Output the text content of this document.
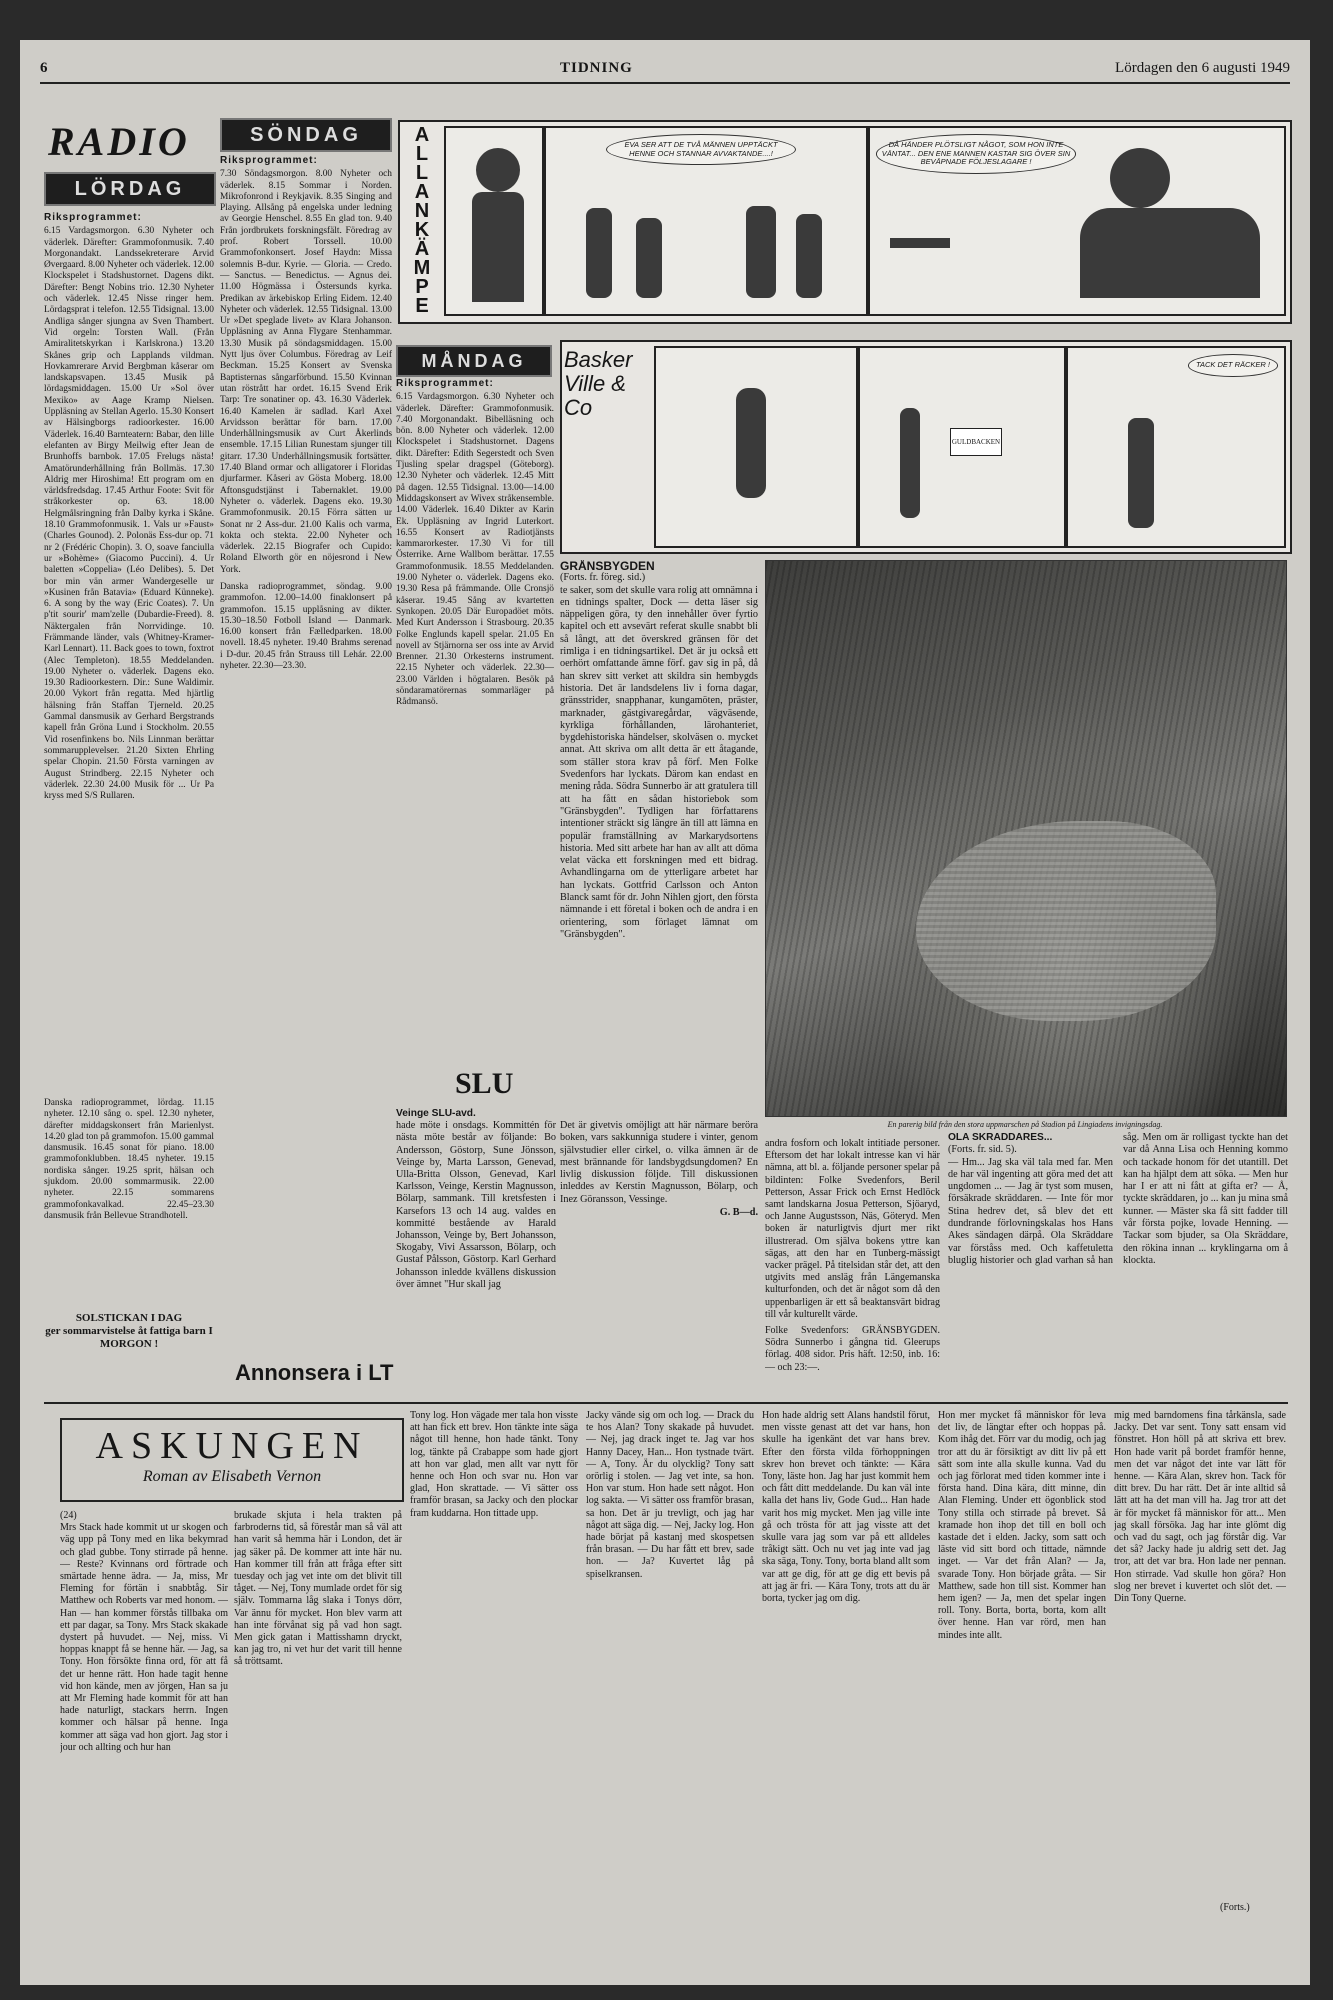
6	TIDNING	Lördagen den 6 augusti 1949
RADIO
LÖRDAG
SÖNDAG
MÅNDAG
Riksprogrammet:

6.15 Vardagsmorgon. 6.30 Nyheter och väderlek. Därefter: Grammofonmusik. 7.40 Morgonandakt. Landssekreterare Arvid Øvergaard. 8.00 Nyheter och väderlek. 12.00 Klockspelet i Stadshustornet. Dagens dikt. Därefter: Bengt Nobins trio. 12.30 Nyheter och väderlek. 12.45 Nisse ringer hem. Lördagsprat i telefon. 12.55 Tidsignal. 13.00 Andliga sånger sjungna av Sven Thambert. Vid orgeln: Torsten Wall. (Från Amiralitetskyrkan i Karlskrona.) 13.20 Skånes grip och Lapplands vildman. Hovkamrerare Arvid Bergbman kåserar om landskapsvapen. 13.45 Musik på lördagsmiddagen. 15.00 Ur »Sol över Mexiko» av Aage Kramp Nielsen. Uppläsning av Stellan Agerlo. 15.30 Konsert av Hälsingborgs radioorkester. 16.00 Väderlek. 16.40 Barnteatern: Babar, den lille elefanten av Birgy Meilwig efter Jean de Brunhoffs barnbok. 17.05 Frelugs nästa! Amatörunderhållning från Bollmäs. 17.30 Aldrig mer Hiroshima! Ett program om en världsfredsdag. 17.45 Arthur Foote: Svit för stråkorkester op. 63. 18.00 Helgmålsringning från Dalby kyrka i Skåne. 18.10 Grammofonmusik. 1. Vals ur »Faust» (Charles Gounod). 2. Polonäs Ess-dur op. 71 nr 2 (Frédéric Chopin). 3. O, soave fanciulla ur »Bohème» (Giacomo Puccini). 4. Ur baletten »Coppelia» (Léo Delibes). 5. Det bor min vän armer Wandergeselle ur »Kusinen från Batavia» (Eduard Künneke). 6. A song by the way (Eric Coates). 7. Un p'tit sourir' mam'zelle (Dubardie-Freed). 8. Näktergalen från Norrvidinge. 10. Främmande länder, vals (Whitney-Kramer-Karl Lennart). 11. Back goes to town, foxtrot (Alec Templeton). 18.55 Meddelanden. 19.00 Nyheter o. väderlek. Dagens eko. 19.30 Radioorkestern. Dir.: Sune Waldimir. 20.00 Vykort från regatta. Med hjärtlig hälsning från Staffan Tjerneld. 20.25 Gammal dansmusik av Gerhard Bergstrands kapell från Gröna Lund i Stockholm. 20.55 Vid rosenfinkens bo. Nils Linnman berättar sommarupplevelser. 21.20 Sixten Ehrling spelar Chopin. 21.50 Första varningen av August Strindberg. 22.15 Nyheter och väderlek. 22.30 24.00 Musik för ... Ur Pa kryss med S/S Rullaren.

Danska radioprogrammet, lördag. 11.15 nyheter. 12.10 sång o. spel. 12.30 nyheter, därefter middagskonsert från Marienlyst. 14.20 glad ton på grammofon. 15.00 gammal dansmusik. 16.45 sonat för piano. 18.00 grammofonklubben. 18.45 nyheter. 19.15 nordiska sånger. 19.25 sprit, hälsan och sjukdom. 20.00 sommarmusik. 22.00 nyheter. 22.15 sommarens grammofonkavalkad. 22.45–23.30 dansmusik från Bellevue Strandhotell.

SOLSTICKAN I DAG
ger sommarvistelse åt fattiga barn I MORGON !
Riksprogrammet:

7.30 Söndagsmorgon. 8.00 Nyheter och väderlek. 8.15 Sommar i Norden. Mikrofonrond i Reykjavik. 8.35 Singing and Playing. Allsång på engelska under ledning av Georgie Henschel. 8.55 En glad ton. 9.40 Från jordbrukets forskningsfält. Föredrag av prof. Robert Torssell. 10.00 Grammofonkonsert. Josef Haydn: Missa solemnis B-dur. Kyrie. — Gloria. — Credo. — Sanctus. — Benedictus. — Agnus dei. 11.00 Högmässa i Östersunds kyrka. Predikan av ärkebiskop Erling Eidem. 12.40 Nyheter och väderlek. 12.55 Tidsignal. 13.00 Ur »Det speglade livet» av Klara Johanson. Uppläsning av Anna Flygare Stenhammar. 13.30 Musik på söndagsmiddagen. 15.00 Nytt ljus över Columbus. Föredrag av Leif Beckman. 15.25 Konsert av Svenska Baptisternas sångarförbund. 15.50 Kvinnan utan röstrått har ordet. 16.15 Svend Erik Tarp: Tre sonatiner op. 43. 16.30 Väderlek. 16.40 Kamelen är sadlad. Karl Axel Arvidsson berättar för barn. 17.00 Underhållningsmusik av Curt Åkerlinds ensemble. 17.15 Lilian Runestam sjunger till gitarr. 17.30 Underhållningsmusik fortsätter. 17.40 Bland ormar och alligatorer i Floridas djurfarmer. Kåseri av Gösta Moberg. 18.00 Aftonsgudstjänst i Tabernaklet. 19.00 Nyheter o. väderlek. Dagens eko. 19.30 Grammofonmusik. 20.15 Förra sätten ur Sonat nr 2 Ass-dur. 21.00 Kalis och varma, kokta och stekta. 22.00 Nyheter och väderlek. 22.15 Biografer och Cupido: Roland Elworth gör en nöjesrond i New York.

Danska radioprogrammet, söndag. 9.00 grammofon. 12.00–14.00 finaklonsert på grammofon. 15.15 upplåsning av dikter. 15.30–18.50 Fotboll Island — Danmark. 16.00 konsert från Fælledparken. 18.00 novell. 18.45 nyheter. 19.40 Brahms serenad i D-dur. 20.45 från Strauss till Lehár. 22.00 nyheter. 22.30—23.30.

Annonsera i LT
Riksprogrammet:

6.15 Vardagsmorgon. 6.30 Nyheter och väderlek. Därefter: Grammofonmusik. 7.40 Morgonandakt. Bibelläsning och bön. 8.00 Nyheter och väderlek. 12.00 Klockspelet i Stadshustornet. Dagens dikt. Därefter: Edith Segerstedt och Sven Tjusling spelar dragspel (Göteborg). 12.30 Nyheter och väderlek. 12.45 Mitt på dagen. 12.55 Tidsignal. 13.00—14.00 Middagskonsert av Wivex stråkensemble. 14.00 Väderlek. 16.40 Dikter av Karin Ek. Uppläsning av Ingrid Luterkort. 16.55 Konsert av Radiotjänsts kammarorkester. 17.30 Vi for till Österrike. Arne Wallbom berättar. 17.55 Grammofonmusik. 18.55 Meddelanden. 19.00 Nyheter o. väderlek. Dagens eko. 19.30 Resa på främmande. Olle Cronsjö kåserar. 19.45 Sång av kvartetten Synkopen. 20.05 Där Europadöet möts. Med Kurt Andersson i Strasbourg. 20.35 Folke Englunds kapell spelar. 21.05 En novell av Stjärnorna ser oss inte av Arvid Brenner. 21.30 Orkesterns instrument. 22.15 Nyheter och väderlek. 22.30—23.00 Världen i högtalaren. Besök på söndaramatörernas sommarläger på Rådmansö.

SLU
Veinge SLU-avd.

hade möte i onsdags. Kommittén för nästa möte består av följande: Bo Andersson, Göstorp, Sune Jönsson, Veinge by, Marta Larsson, Genevad, Ulla-Britta Olsson, Genevad, Karl Karlsson, Veinge, Kerstin Magnusson, Bölarp, sammank. Till kretsfesten i Karsefors 13 och 14 aug. valdes en kommitté bestående av Harald Johansson, Veinge by, Bert Johansson, Skogaby, Vivi Assarsson, Bölarp, och Gustaf Pålsson, Göstorp. Karl Gerhard Johansson inledde kvällens diskussion över ämnet "Hur skall jag

A
L
L
A
N
K
Ä
M
P
E
EVA SER ATT DE TVÅ MÄNNEN UPPTÄCKT HENNE OCH STANNAR AVVAKTANDE....!
DÅ HÄNDER PLÖTSLIGT NÅGOT, SOM HON INTE VÄNTAT... DEN ENE MANNEN KASTAR SIG ÖVER SIN BEVÄPNADE FÖLJESLAGARE !
Basker Ville & Co
GULDBACKEN
TACK DET RÄCKER !
GRÅNSBYGDEN
(Forts. fr. föreg. sid.)

te saker, som det skulle vara rolig att omnämna i en tidnings spalter, Dock — detta läser sig näppeligen göra, ty den innehåller över fyrtio kapitel och ett avsevärt referat skulle snabbt bli så långt, att det överskred gränsen för det rimliga i en tidningsartikel. Det är ju också ett oerhört omfattande ämne förf. gav sig in på, då han skrev sitt verket att skildra sin hembygds historia. Det är landsdelens liv i forna dagar, gränsstrider, snapphanar, kungamöten, präster, marknader, gästgivaregårdar, vägväsende, kyrkliga förhållanden, lärohanteriet, bygdehistoriska händelser, skolväsen o. mycket annat. Att skriva om allt detta är ett åtagande, som ställer stora krav på förf. Men Folke Svedenfors har lyckats. Därom kan endast en mening råda. Södra Sunnerbo är att gratulera till att ha fått en sådan historiebok som "Gränsbygden". Tydligen har författarens intentioner sträckt sig längre än till att lämna en populär framställning av Markarydsortens historia. Med sitt arbete har han av allt att döma velat väcka ett forskningen med ett bidrag. Avhandlingarna om de ytterligare arbetet har han lyckats. Gottfrid Carlsson och Anton Blanck samt för dr. John Nihlen gjort, den första nämnande i ett företal i boken och de andra i en orientering, som förlaget lämnat om "Gränsbygden".

Det är givetvis omöjligt att här närmare beröra boken, vars sakkunniga studere i vinter, genom självstudier eller cirkel, o. vilka ämnen är de mest brännande för landsbygdsungdomen? En livlig diskussion följde. Till diskussionen inleddes av Kerstin Magnusson, Bölarp, och Inez Göransson, Vessinge.

G. B—d.
En parerig bild från den stora uppmarschen på Stadion på Lingiadens invigningsdag.

andra fosforn och lokalt intitiade personer. Eftersom det har lokalt intresse kan vi här nämna, att bl. a. följande personer spelar på bildinten: Folke Svedenfors, Beril Petterson, Assar Frick och Ernst Hedlöck samt landskarna Josua Petterson, Sjöaryd, och Janne Augustsson, Näs, Göteryd. Men boken är naturligtvis djurt mer rikt illustrerad. Om själva bokens yttre kan sägas, att den har en Tunberg-mässigt vacker prägel. På titelsidan står det, att den utgivits med ansläg från Längemanska kulturfonden, och det är något som då den uppenbarligen är ett så beaktansvärt bidrag till vår kulturellt värde.

Folke Svedenfors: GRÄNSBYGDEN. Södra Sunnerbo i gångna tid. Gleerups förlag. 408 sidor. Pris häft. 12:50, inb. 16:— och 23:—.

OLA SKRADDARES...
(Forts. fr. sid. 5).

— Hm... Jag ska väl tala med far. Men de har väl ingenting att göra med det att ungdomen ... — Jag är tyst som musen, försäkrade skräddaren. — Inte för mor Stina hedrev det, så blev det ett dundrande förlovningskalas hos Hans Akes sändagen därpå. Ola Skräddare var förståss med. Och kaffetuletta bluglig historier och glad varhan så han såg. Men om är rolligast tyckte han det var då Anna Lisa och Henning kommo och tackade honom för det utantill. Det kan ha hjälpt dem att söka. — Men hur har I er att ni fått at gifta er? — Å, tyckte skräddaren, jo ... kan ju mina små kunner. — Mäster ska få sitt fadder till vår första pojke, lovade Henning. — Tackar som bjuder, sa Ola Skräddare, den rökina innan ... kryklingarna om å klockta.

ASKUNGEN
Roman av Elisabeth Vernon
(24)

Mrs Stack hade kommit ut ur skogen och väg upp på Tony med en lika bekymrad och glad gubbe. Tony stirrade på henne. — Reste? Kvinnans ord förtrade och smärtade henne ädra. — Ja, miss, Mr Fleming for förtän i snabbtåg. Sir Matthew och Roberts var med honom. — Han — han kommer förstås tillbaka om ett par dagar, sa Tony. Mrs Stack skakade dystert på huvudet. — Nej, miss. Vi hoppas knappt få se henne här. — Jag, sa Tony. Hon försökte finna ord, för att få det ur henne rätt. Hon hade tagit henne vid hon kände, men av jörgen, Han sa ju att Mr Fleming hade kommit för att han hade naturligt, stackars herrn. Ingen kommer och hälsar på henne. Inga kommer att säga vad hon gjort. Jag stor i jour och allting och hur han

brukade skjuta i hela trakten på farbroderns tid, så förestår man så väl att han varit så hemma här i London, det är jag säker på. De kommer att inte här nu. Han kommer till från att fråga efter sitt tuesday och jag vet inte om det blivit till tåget. — Nej, Tony mumlade ordet för sig själv. Tommarna låg slaka i Tonys dörr, Var ännu för mycket. Hon blev varm att han inte förvånat sig på vad hon sagt. Men gick gatan i Mattisshamn dryckt, kan jag tro, ni vet hur det varit till henne så tröttsamt.

Tony log. Hon vägade mer tala hon visste att han fick ett brev. Hon tänkte inte säga något till henne, hon hade tänkt. Tony log, tänkte på Crabappe som hade gjort att hon var glad, men allt var nytt för henne och Hon och svar nu. Hon var glad, Hon skrattade. — Vi sätter oss framför brasan, sa Jacky och den plockar fram kuddarna. Hon tittade upp.

Jacky vände sig om och log. — Drack du te hos Alan? Tony skakade på huvudet. — Nej, jag drack inget te. Jag var hos Hanny Dacey, Han... Hon tystnade tvärt. — A, Tony. Är du olycklig? Tony satt orörlig i stolen. — Jag vet inte, sa hon. Hon var stum. Hon hade sett något. Hon log sakta. — Vi sätter oss framför brasan, sa hon. Det är ju trevligt, och jag har något att säga dig. — Nej, Jacky log. Hon hade börjat på kastanj med skospetsen från brasan. — Du har fått ett brev, sade hon. — Ja? Kuvertet låg på spiselkransen.

Hon hade aldrig sett Alans handstil förut, men visste genast att det var hans, hon skulle ha igenkänt det var hans brev. Efter den första vilda förhoppningen skrev hon brevet och tänkte: — Kära Tony, läste hon. Jag har just kommit hem och fått ditt meddelande. Du kan väl inte kalla det hans liv, Gode Gud... Han hade varit hos mig mycket. Men jag ville inte gå och trösta för att jag visste att det skulle vara jag som var på ett alldeles tråkigt sätt. Och nu vet jag inte vad jag ska säga, Tony. Tony, borta bland allt som var att ge dig, för att ge dig ett bevis på att jag är fri. — Kära Tony, trots att du är borta, tycker jag om dig.

Hon mer mycket få människor för leva det liv, de längtar efter och hoppas på. Kom ihåg det. Förr var du modig, och jag tror att du är försiktigt av ditt liv på ett sätt som inte alla skulle kunna. Vad du och jag förlorat med tiden kommer inte i första hand. Dina kära, ditt minne, din Alan Fleming. Under ett ögonblick stod Tony stilla och stirrade på brevet. Så kramade hon ihop det till en boll och kastade det i elden. Jacky, som satt och läste vid sitt bord och tittade, nämnde inget. — Var det från Alan? — Ja, svarade Tony. Hon började gråta. — Sir Matthew, sade hon till sist. Kommer han hem igen? — Ja, men det spelar ingen roll. Tony. Borta, borta, borta, kom allt över henne. Han var rörd, men han mindes inte allt.

mig med barndomens fina tårkänsla, sade Jacky. Det var sent. Tony satt ensam vid fönstret. Hon höll på att skriva ett brev. Hon hade varit på bordet framför henne, men det var något det inte var lätt för henne. — Kära Alan, skrev hon. Tack för ditt brev. Du har rätt. Det är inte alltid så lätt att ha det man vill ha. Jag tror att det är för mycket få människor för att... Men jag skall försöka. Jag har inte glömt dig och vad du sagt, och jag förstår dig. Var det så? Jacky hade ju aldrig sett det. Jag tror, att det var bra. Hon lade ner pennan. Hon stirrade. Vad skulle hon göra? Hon slog ner brevet i kuvertet och slöt det. — Din Tony Querne.

(Forts.)
